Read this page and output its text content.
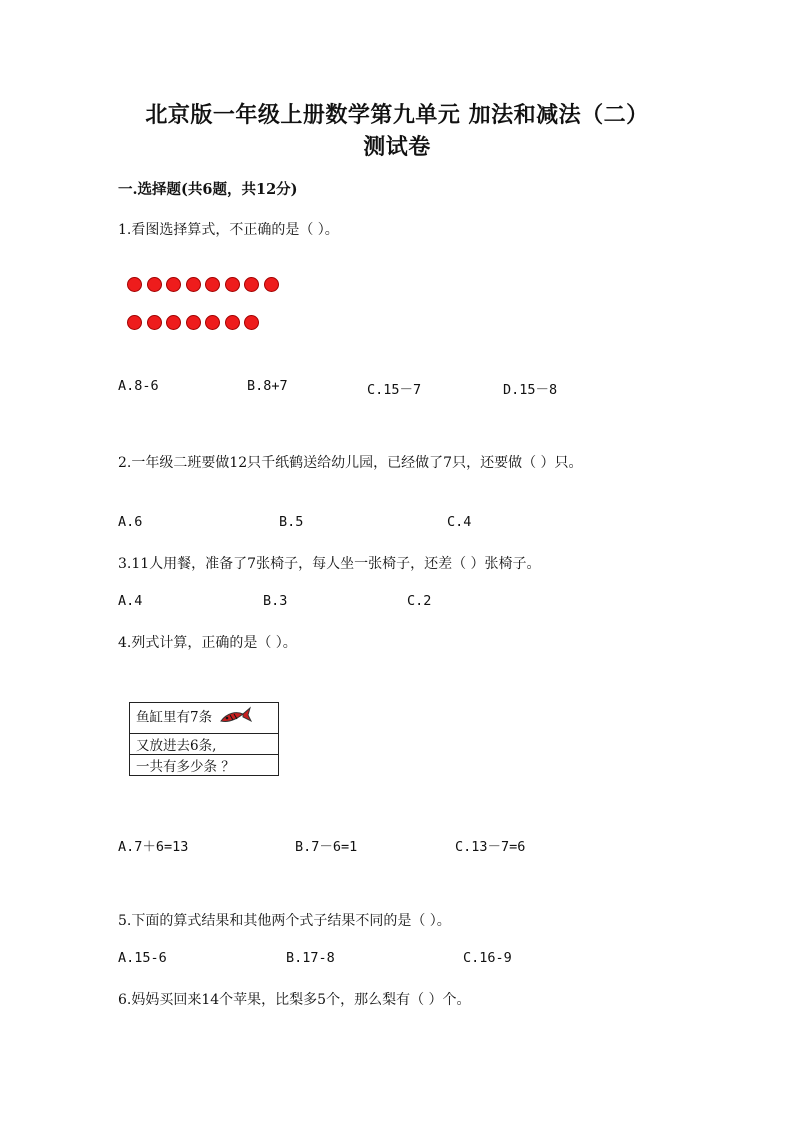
北京版一年级上册数学第九单元 加法和减法（二）
测试卷
一.选择题(共6题，共12分)
1.看图选择算式，不正确的是（ ）。
A.8-6	B.8+7	C.15－7	D.15－8
2.一年级二班要做12只千纸鹤送给幼儿园，已经做了7只，还要做（ ）只。
A.6	B.5	C.4
3.11人用餐，准备了7张椅子，每人坐一张椅子，还差（ ）张椅子。
A.4	B.3	C.2
4.列式计算，正确的是（ ）。
鱼缸里有7条
又放进去6条,
一共有多少条 ？
A.7＋6=13	B.7－6=1	C.13－7=6
5.下面的算式结果和其他两个式子结果不同的是（ ）。
A.15-6	B.17-8	C.16-9
6.妈妈买回来14个苹果，比梨多5个，那么梨有（ ）个。
